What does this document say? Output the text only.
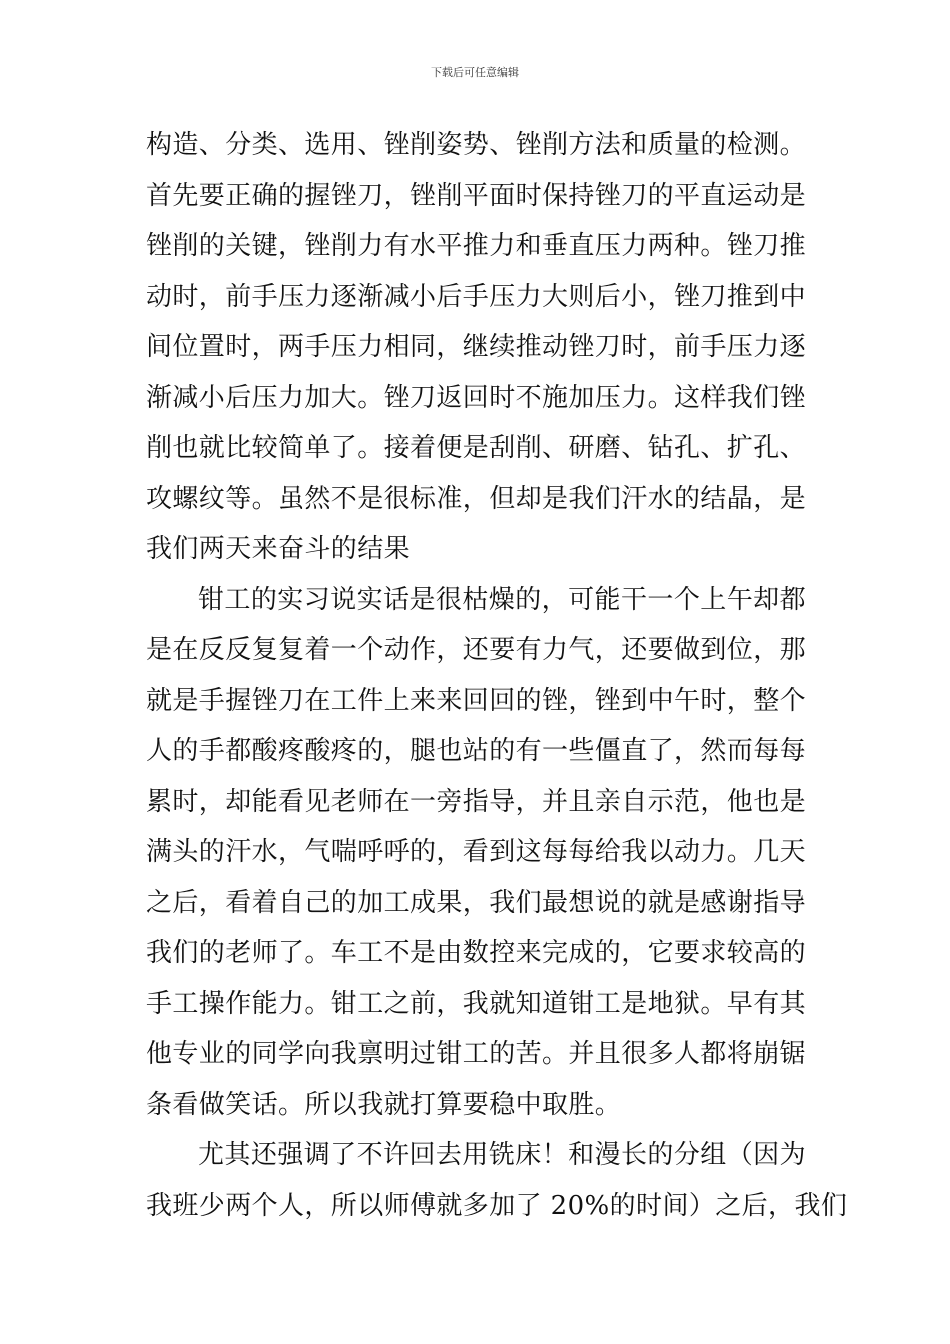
下载后可任意编辑
构造、分类、选用、锉削姿势、锉削方法和质量的检测。
首先要正确的握锉刀，锉削平面时保持锉刀的平直运动是
锉削的关键，锉削力有水平推力和垂直压力两种。锉刀推
动时，前手压力逐渐减小后手压力大则后小，锉刀推到中
间位置时，两手压力相同，继续推动锉刀时，前手压力逐
渐减小后压力加大。锉刀返回时不施加压力。这样我们锉
削也就比较简单了。接着便是刮削、研磨、钻孔、扩孔、
攻螺纹等。虽然不是很标准，但却是我们汗水的结晶，是
我们两天来奋斗的结果
钳工的实习说实话是很枯燥的，可能干一个上午却都
是在反反复复着一个动作，还要有力气，还要做到位，那
就是手握锉刀在工件上来来回回的锉，锉到中午时，整个
人的手都酸疼酸疼的，腿也站的有一些僵直了，然而每每
累时，却能看见老师在一旁指导，并且亲自示范，他也是
满头的汗水，气喘呼呼的，看到这每每给我以动力。几天
之后，看着自己的加工成果，我们最想说的就是感谢指导
我们的老师了。车工不是由数控来完成的，它要求较高的
手工操作能力。钳工之前，我就知道钳工是地狱。早有其
他专业的同学向我禀明过钳工的苦。并且很多人都将崩锯
条看做笑话。所以我就打算要稳中取胜。
尤其还强调了不许回去用铣床！和漫长的分组（因为
我班少两个人，所以师傅就多加了 20%的时间）之后，我们
